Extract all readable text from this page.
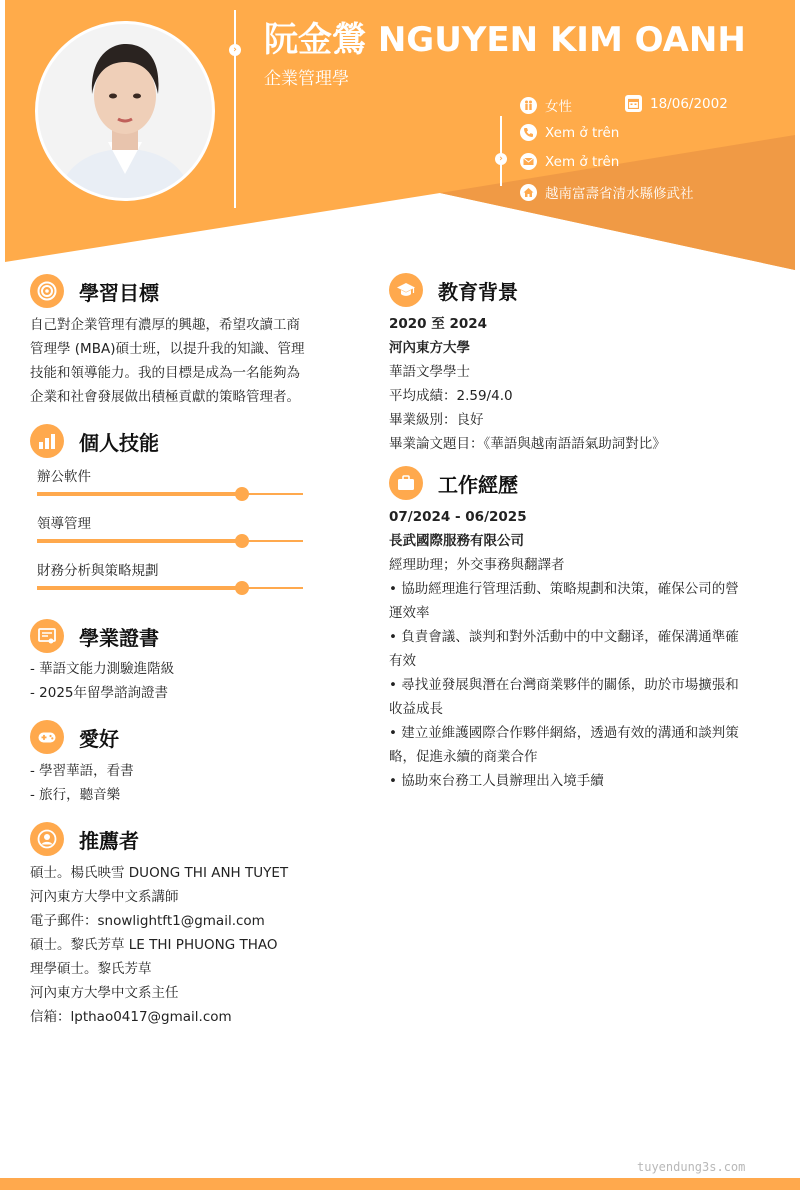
›
›
阮金鶯 NGUYEN KIM OANH
企業管理學
女性	18/06/2002
Xem ở trên
Xem ở trên
越南富壽省清水縣修武社
學習目標
自己對企業管理有濃厚的興趣，希望攻讀工商
管理學 (MBA)碩士班，以提升我的知識、管理
技能和領導能力。我的目標是成為一名能夠為
企業和社會發展做出積極貢獻的策略管理者。
個人技能
辦公軟件
領導管理
財務分析與策略規劃
學業證書
- 華語文能力測驗進階級
- 2025年留學諮詢證書
愛好
- 學習華語，看書
- 旅行，聽音樂
推薦者
碩士。楊氏映雪 DUONG THI ANH TUYET
河內東方大學中文系講師
電子郵件：snowlightft1@gmail.com
碩士。黎氏芳草 LE THI PHUONG THAO
理學碩士。黎氏芳草
河內東方大學中文系主任
信箱：lpthao0417@gmail.com
教育背景
2020 至 2024
河內東方大學
華語文學學士
平均成績：2.59/4.0
畢業級別：良好
畢業論文題目：《華語與越南語語氣助詞對比》
工作經歷
07/2024 - 06/2025
長武國際服務有限公司
經理助理；外交事務與翻譯者
• 協助經理進行管理活動、策略規劃和決策，確保公司的營
運效率
• 負責會議、談判和對外活動中的中文翻译，確保溝通準確
有效
• 尋找並發展與潛在台灣商業夥伴的關係，助於市場擴張和
收益成長
• 建立並維護國際合作夥伴網絡，透過有效的溝通和談判策
略，促進永續的商業合作
• 協助來台務工人員辦理出入境手續
tuyendung3s.com
